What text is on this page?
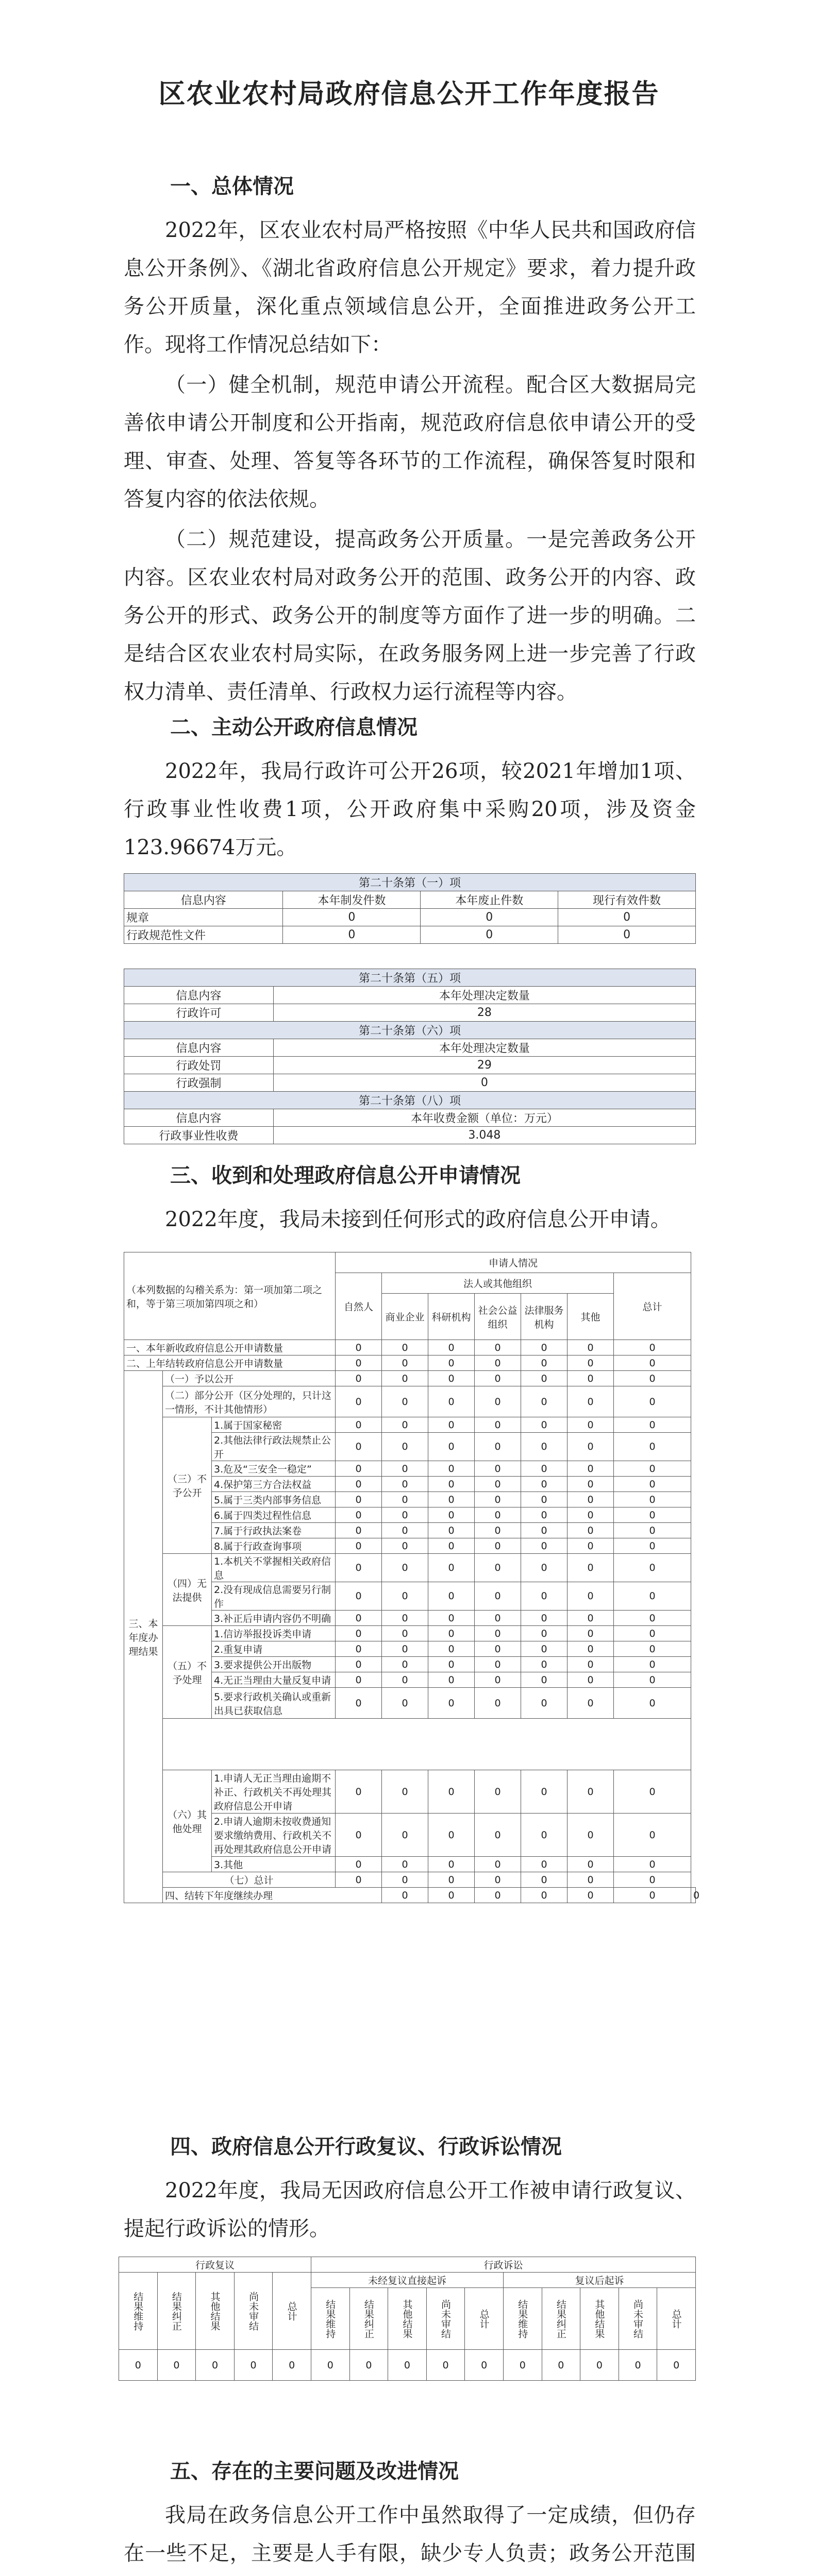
区农业农村局政府信息公开工作年度报告
一、总体情况
2022年，区农业农村局严格按照《中华人民共和国政府信息公开条例》、《湖北省政府信息公开规定》要求，着力提升政务公开质量，深化重点领域信息公开，全面推进政务公开工作。现将工作情况总结如下：
（一）健全机制，规范申请公开流程。配合区大数据局完善依申请公开制度和公开指南，规范政府信息依申请公开的受理、审查、处理、答复等各环节的工作流程，确保答复时限和答复内容的依法依规。
（二）规范建设，提高政务公开质量。一是完善政务公开内容。区农业农村局对政务公开的范围、政务公开的内容、政务公开的形式、政务公开的制度等方面作了进一步的明确。二是结合区农业农村局实际，在政务服务网上进一步完善了行政权力清单、责任清单、行政权力运行流程等内容。
二、主动公开政府信息情况
2022年，我局行政许可公开26项，较2021年增加1项、行政事业性收费1项，公开政府集中采购20项，涉及资金123.96674万元。
第二十条第（一）项			
信息内容	本年制发件数	本年废止件数	现行有效件数
规章	0	0	0
行政规范性文件	0	0	0
第二十条第（五）项	
信息内容	本年处理决定数量
行政许可	28
第二十条第（六）项	
信息内容	本年处理决定数量
行政处罚	29
行政强制	0
第二十条第（八）项	
信息内容	本年收费金额（单位：万元）
行政事业性收费	3.048
三、收到和处理政府信息公开申请情况
2022年度，我局未接到任何形式的政府信息公开申请。
（本列数据的勾稽关系为：第一项加第二项之和，等于第三项加第四项之和）			申请人情况							
			自然人	法人或其他组织					总计	
				商业企业	科研机构	社会公益组织	法律服务机构	其他		
一、本年新收政府信息公开申请数量			0	0	0	0	0	0	0	
二、上年结转政府信息公开申请数量			0	0	0	0	0	0	0	
三、本年度办理结果	（一）予以公开		0	0	0	0	0	0	0	
	（二）部分公开（区分处理的，只计这一情形，不计其他情形）		0	0	0	0	0	0	0	
	（三）不予公开	1.属于国家秘密	0	0	0	0	0	0	0	
		2.其他法律行政法规禁止公开	0	0	0	0	0	0	0	
		3.危及“三安全一稳定”	0	0	0	0	0	0	0	
		4.保护第三方合法权益	0	0	0	0	0	0	0	
		5.属于三类内部事务信息	0	0	0	0	0	0	0	
		6.属于四类过程性信息	0	0	0	0	0	0	0	
		7.属于行政执法案卷	0	0	0	0	0	0	0	
		8.属于行政查询事项	0	0	0	0	0	0	0	
	（四）无法提供	1.本机关不掌握相关政府信息	0	0	0	0	0	0	0	
		2.没有现成信息需要另行制作	0	0	0	0	0	0	0	
		3.补正后申请内容仍不明确	0	0	0	0	0	0	0	
	（五）不予处理	1.信访举报投诉类申请	0	0	0	0	0	0	0	
		2.重复申请	0	0	0	0	0	0	0	
		3.要求提供公开出版物	0	0	0	0	0	0	0	
		4.无正当理由大量反复申请	0	0	0	0	0	0	0	
		5.要求行政机关确认或重新出具已获取信息	0	0	0	0	0	0	0	

	（六）其他处理	1.申请人无正当理由逾期不补正、行政机关不再处理其政府信息公开申请	0	0	0	0	0	0	0	
		2.申请人逾期未按收费通知要求缴纳费用、行政机关不再处理其政府信息公开申请	0	0	0	0	0	0	0	
		3.其他	0	0	0	0	0	0	0	
	（七）总计		0	0	0	0	0	0	0	
	四、结转下年度继续办理			0	0	0	0	0	0	0
四、政府信息公开行政复议、行政诉讼情况
2022年度，我局无因政府信息公开工作被申请行政复议、提起行政诉讼的情形。
行政复议					行政诉讼									
结果维持	结果纠正	其他结果	尚未审结	总计	未经复议直接起诉					复议后起诉				
					结果维持	结果纠正	其他结果	尚未审结	总计	结果维持	结果纠正	其他结果	尚未审结	总计
0	0	0	0	0	0	0	0	0	0	0	0	0	0	0
五、存在的主要问题及改进情况
我局在政务信息公开工作中虽然取得了一定成绩，但仍存在一些不足，主要是人手有限，缺少专人负责；政务公开范围
